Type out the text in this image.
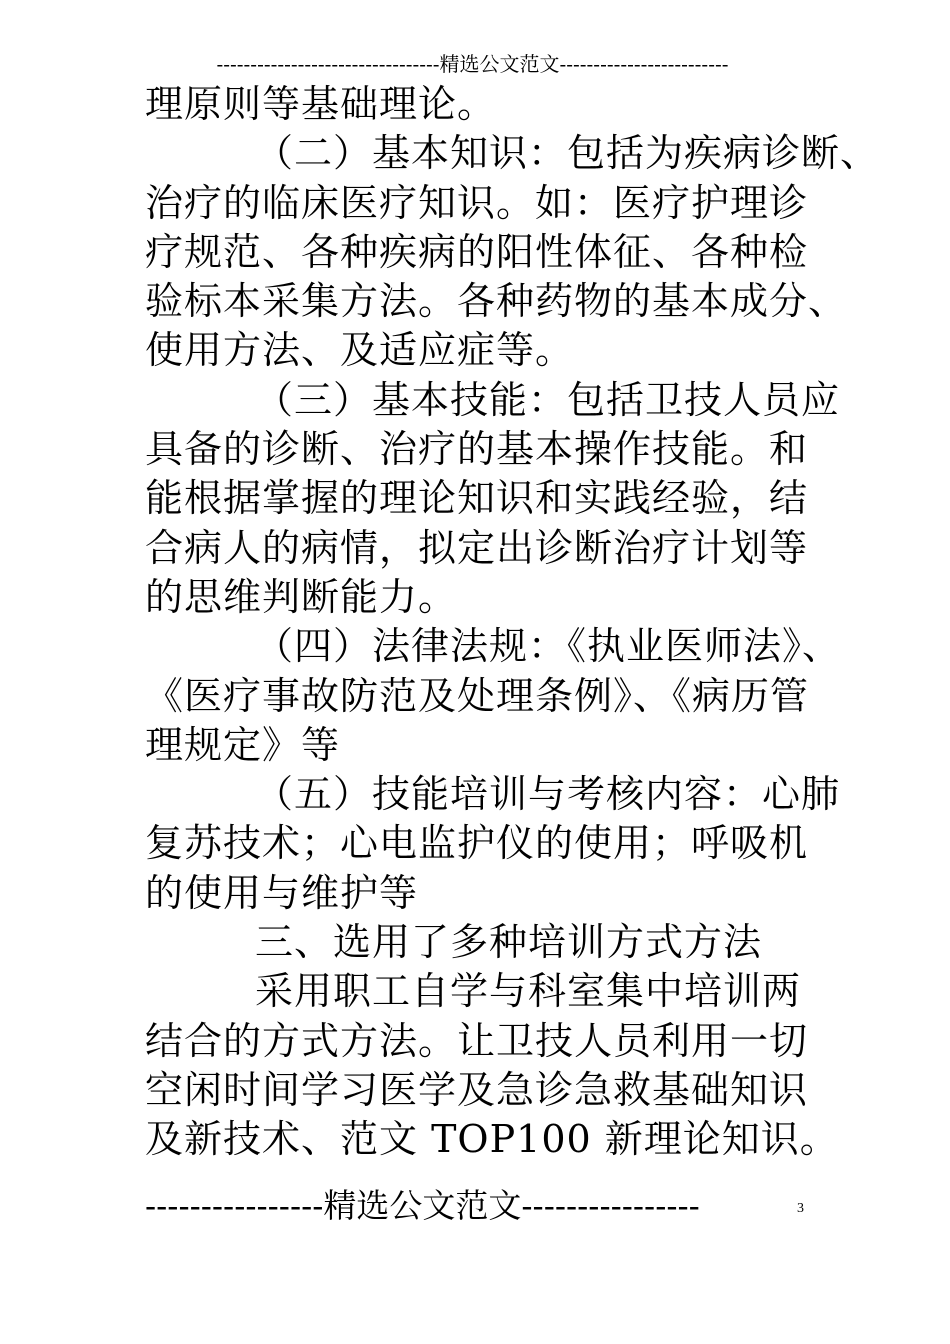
---------------------------------精选公文范文-------------------------
理原则等基础理论。
（二）基本知识：包括为疾病诊断、
治疗的临床医疗知识。如：医疗护理诊
疗规范、各种疾病的阳性体征、各种检
验标本采集方法。各种药物的基本成分、
使用方法、及适应症等。
（三）基本技能：包括卫技人员应
具备的诊断、治疗的基本操作技能。和
能根据掌握的理论知识和实践经验，结
合病人的病情，拟定出诊断治疗计划等
的思维判断能力。
（四）法律法规：《执业医师法》、
《医疗事故防范及处理条例》、《病历管
理规定》等
（五）技能培训与考核内容：心肺
复苏技术；心电监护仪的使用；呼吸机
的使用与维护等
三、选用了多种培训方式方法
采用职工自学与科室集中培训两
结合的方式方法。让卫技人员利用一切
空闲时间学习医学及急诊急救基础知识
及新技术、范文 TOP100 新理论知识。
----------------精选公文范文----------------	3
